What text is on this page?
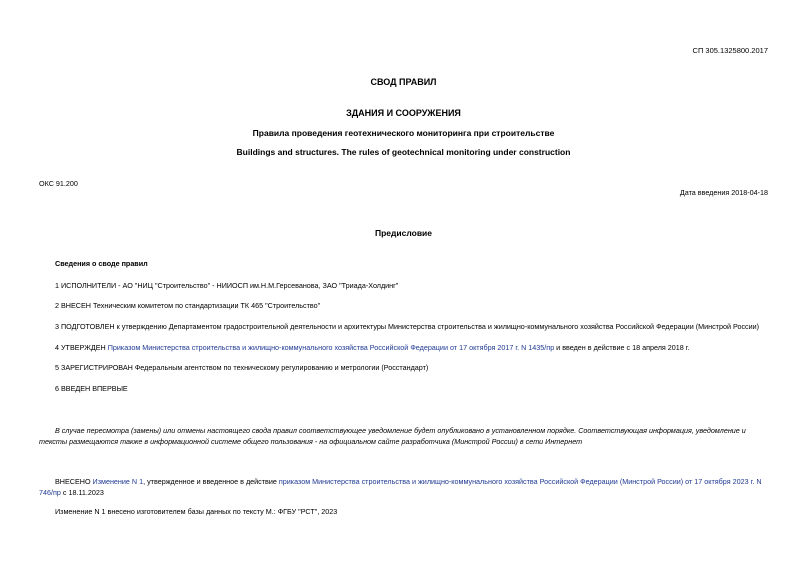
СП 305.1325800.2017
СВОД ПРАВИЛ
ЗДАНИЯ И СООРУЖЕНИЯ
Правила проведения геотехнического мониторинга при строительстве
Buildings and structures. The rules of geotechnical monitoring under construction
ОКС 91.200
Дата введения 2018-04-18
Предисловие
Сведения о своде правил
1 ИСПОЛНИТЕЛИ - АО "НИЦ "Строительство" - НИИОСП им.Н.М.Герсеванова, ЗАО "Триада-Холдинг"
2 ВНЕСЕН Техническим комитетом по стандартизации ТК 465 "Строительство"
3 ПОДГОТОВЛЕН к утверждению Департаментом градостроительной деятельности и архитектуры Министерства строительства и жилищно-коммунального хозяйства Российской Федерации (Минстрой России)
4 УТВЕРЖДЕН Приказом Министерства строительства и жилищно-коммунального хозяйства Российской Федерации от 17 октября 2017 г. N 1435/пр и введен в действие с 18 апреля 2018 г.
5 ЗАРЕГИСТРИРОВАН Федеральным агентством по техническому регулированию и метрологии (Росстандарт)
6 ВВЕДЕН ВПЕРВЫЕ
В случае пересмотра (замены) или отмены настоящего свода правил соответствующее уведомление будет опубликовано в установленном порядке. Соответствующая информация, уведомление и тексты размещаются также в информационной системе общего пользования - на официальном сайте разработчика (Минстрой России) в сети Интернет
ВНЕСЕНО Изменение N 1, утвержденное и введенное в действие приказом Министерства строительства и жилищно-коммунального хозяйства Российской Федерации (Минстрой России) от 17 октября 2023 г. N 746/пр с 18.11.2023
Изменение N 1 внесено изготовителем базы данных по тексту М.: ФГБУ "РСТ", 2023
